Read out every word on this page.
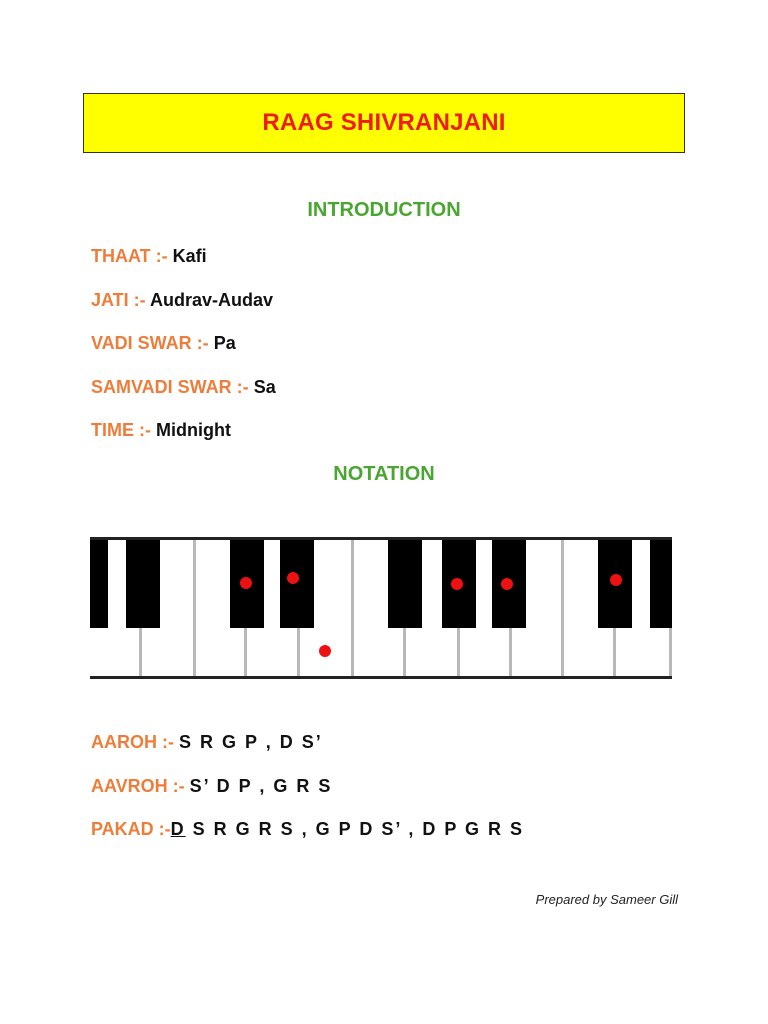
RAAG SHIVRANJANI
INTRODUCTION
THAAT :- Kafi
JATI :- Audrav-Audav
VADI SWAR :- Pa
SAMVADI SWAR :- Sa
TIME :- Midnight
NOTATION
AAROH :- S R G P , D S’
AAVROH :- S’ D P , G R S
PAKAD :-D S R G R S , G P D S’ , D P G R S
Prepared by Sameer Gill
